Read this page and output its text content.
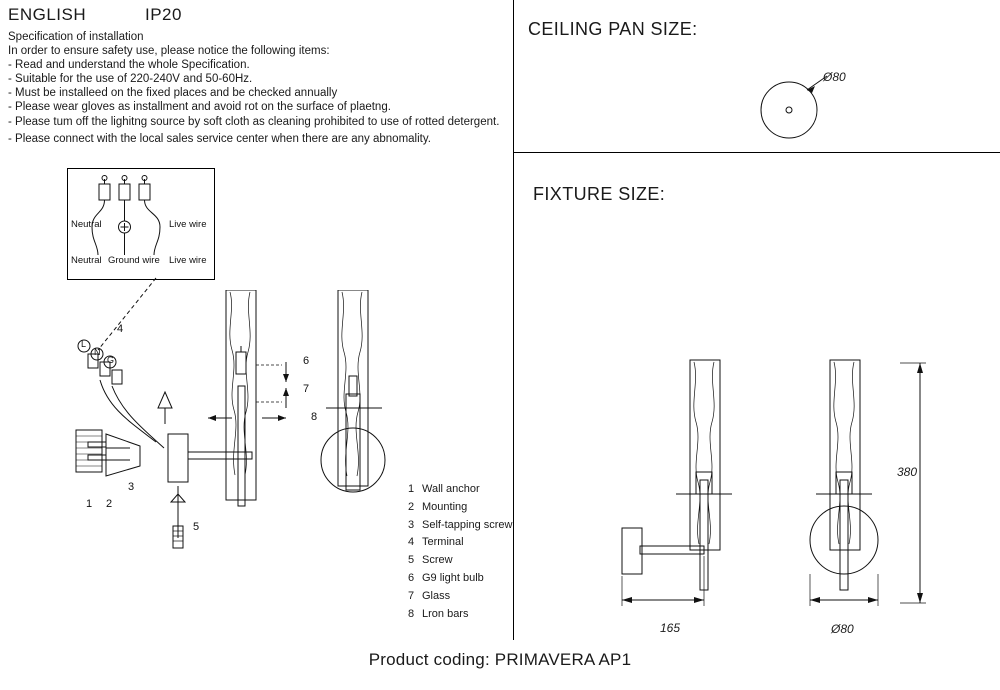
ENGLISH	IP20
Specification of installation
In order to ensure safety use, please notice the following items:
- Read and understand the whole Specification.
- Suitable for the use of 220-240V and 50-60Hz.
- Must be installeed on the fixed places and be checked annually
- Please wear gloves as installment and avoid rot on the surface of plaetng.
- Please tum off the lighitng source by soft cloth as cleaning prohibited to use of rotted detergent.
- Please connect with the local sales service center when there are any abnomality.
CEILING PAN SIZE:
FIXTURE SIZE:
Ø80
Neutral	Live wire
Neutral Ground wire Live wire
4
1 2
3
5
6
7
8
L
N
G
1 Wall anchor
2 Mounting
3 Self-tapping screw
4 Terminal
5 Screw
6 G9 light bulb
7 Glass
8 Lron bars
380
165	Ø80
Product coding: PRIMAVERA AP1
